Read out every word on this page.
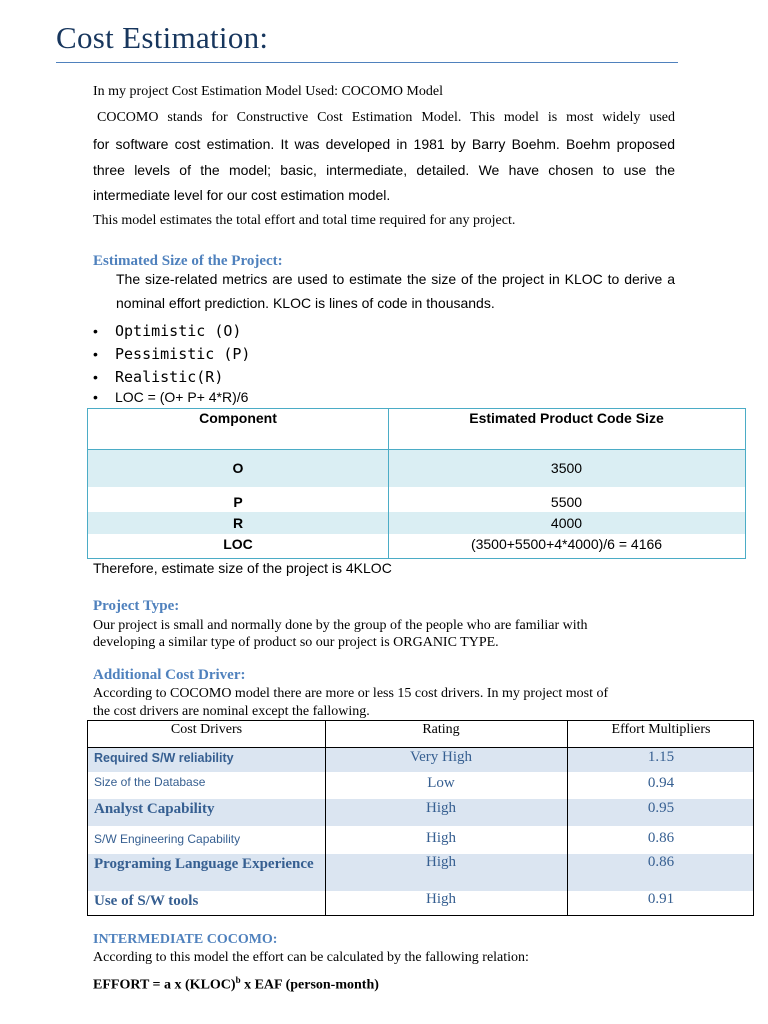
Cost Estimation:
In my project Cost Estimation Model Used: COCOMO Model
COCOMO stands for Constructive Cost Estimation Model. This model is most widely used
for software cost estimation. It was developed in 1981 by Barry Boehm. Boehm proposed
three levels of the model; basic, intermediate, detailed. We have chosen to use the
intermediate level for our cost estimation model.
This model estimates the total effort and total time required for any project.
Estimated Size of the Project:
The size-related metrics are used to estimate the size of the project in KLOC to derive a
nominal effort prediction. KLOC is lines of code in thousands.
• Optimistic (O)
• Pessimistic (P)
• Realistic(R)
• LOC = (O+ P+ 4*R)/6
Component	Estimated Product Code Size
O	3500
P	5500
R	4000
LOC	(3500+5500+4*4000)/6 = 4166
Therefore, estimate size of the project is 4KLOC
Project Type:
Our project is small and normally done by the group of the people who are familiar with
developing a similar type of product so our project is ORGANIC TYPE.
Additional Cost Driver:
According to COCOMO model there are more or less 15 cost drivers. In my project most of
the cost drivers are nominal except the fallowing.
Cost Drivers	Rating	Effort Multipliers
Required S/W reliability	Very High	1.15
Size of the Database	Low	0.94
Analyst Capability	High	0.95
S/W Engineering Capability	High	0.86
Programing Language Experience	High	0.86
Use of S/W tools	High	0.91
INTERMEDIATE COCOMO:
According to this model the effort can be calculated by the fallowing relation:
EFFORT = a x (KLOC)$^b$ x EAF (person-month)
